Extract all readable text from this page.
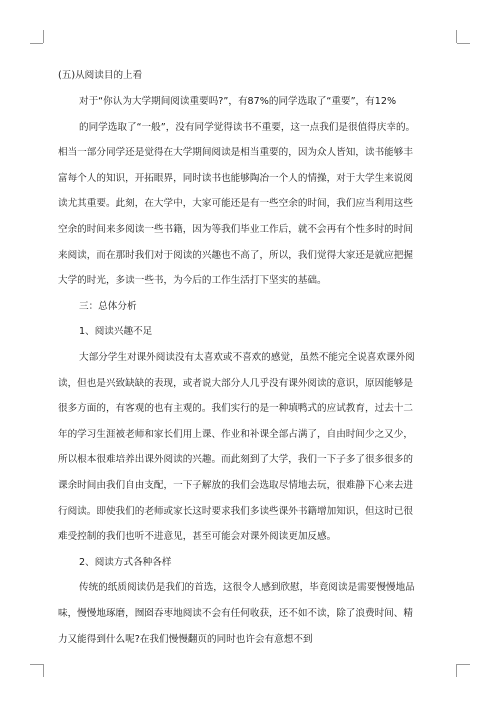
(五)从阅读目的上看
对于“你认为大学期间阅读重要吗?”，有87%的同学选取了“重要”，有12%
的同学选取了“一般”，没有同学觉得读书不重要，这一点我们是很值得庆幸的。
相当一部分同学还是觉得在大学期间阅读是相当重要的，因为众人皆知，读书能够丰
富每个人的知识，开拓眼界，同时读书也能够陶冶一个人的情操，对于大学生来说阅
读尤其重要。此刻，在大学中，大家可能还是有一些空余的时间，我们应当利用这些
空余的时间来多阅读一些书籍，因为等我们毕业工作后，就不会再有个性多时的时间
来阅读，而在那时我们对于阅读的兴趣也不高了，所以，我们觉得大家还是就应把握
大学的时光，多读一些书，为今后的工作生活打下坚实的基础。
三：总体分析
1、阅读兴趣不足
大部分学生对课外阅读没有太喜欢或不喜欢的感觉，虽然不能完全说喜欢课外阅
读，但也是兴致缺缺的表现，或者说大部分人几乎没有课外阅读的意识，原因能够是
很多方面的，有客观的也有主观的。我们实行的是一种填鸭式的应试教育，过去十二
年的学习生涯被老师和家长们用上课、作业和补课全部占满了，自由时间少之又少，
所以根本很难培养出课外阅读的兴趣。而此刻到了大学，我们一下子多了很多很多的
课余时间由我们自由支配，一下子解放的我们会选取尽情地去玩，很难静下心来去进
行阅读。即使我们的老师或家长这时要求我们多读些课外书籍增加知识，但这时已很
难受控制的我们也听不进意见，甚至可能会对课外阅读更加反感。
2、阅读方式各种各样
传统的纸质阅读仍是我们的首选，这很令人感到欣慰，毕竟阅读是需要慢慢地品
味，慢慢地琢磨，囫囵吞枣地阅读不会有任何收获，还不如不读，除了浪费时间、精
力又能得到什么呢?在我们慢慢翻页的同时也许会有意想不到
